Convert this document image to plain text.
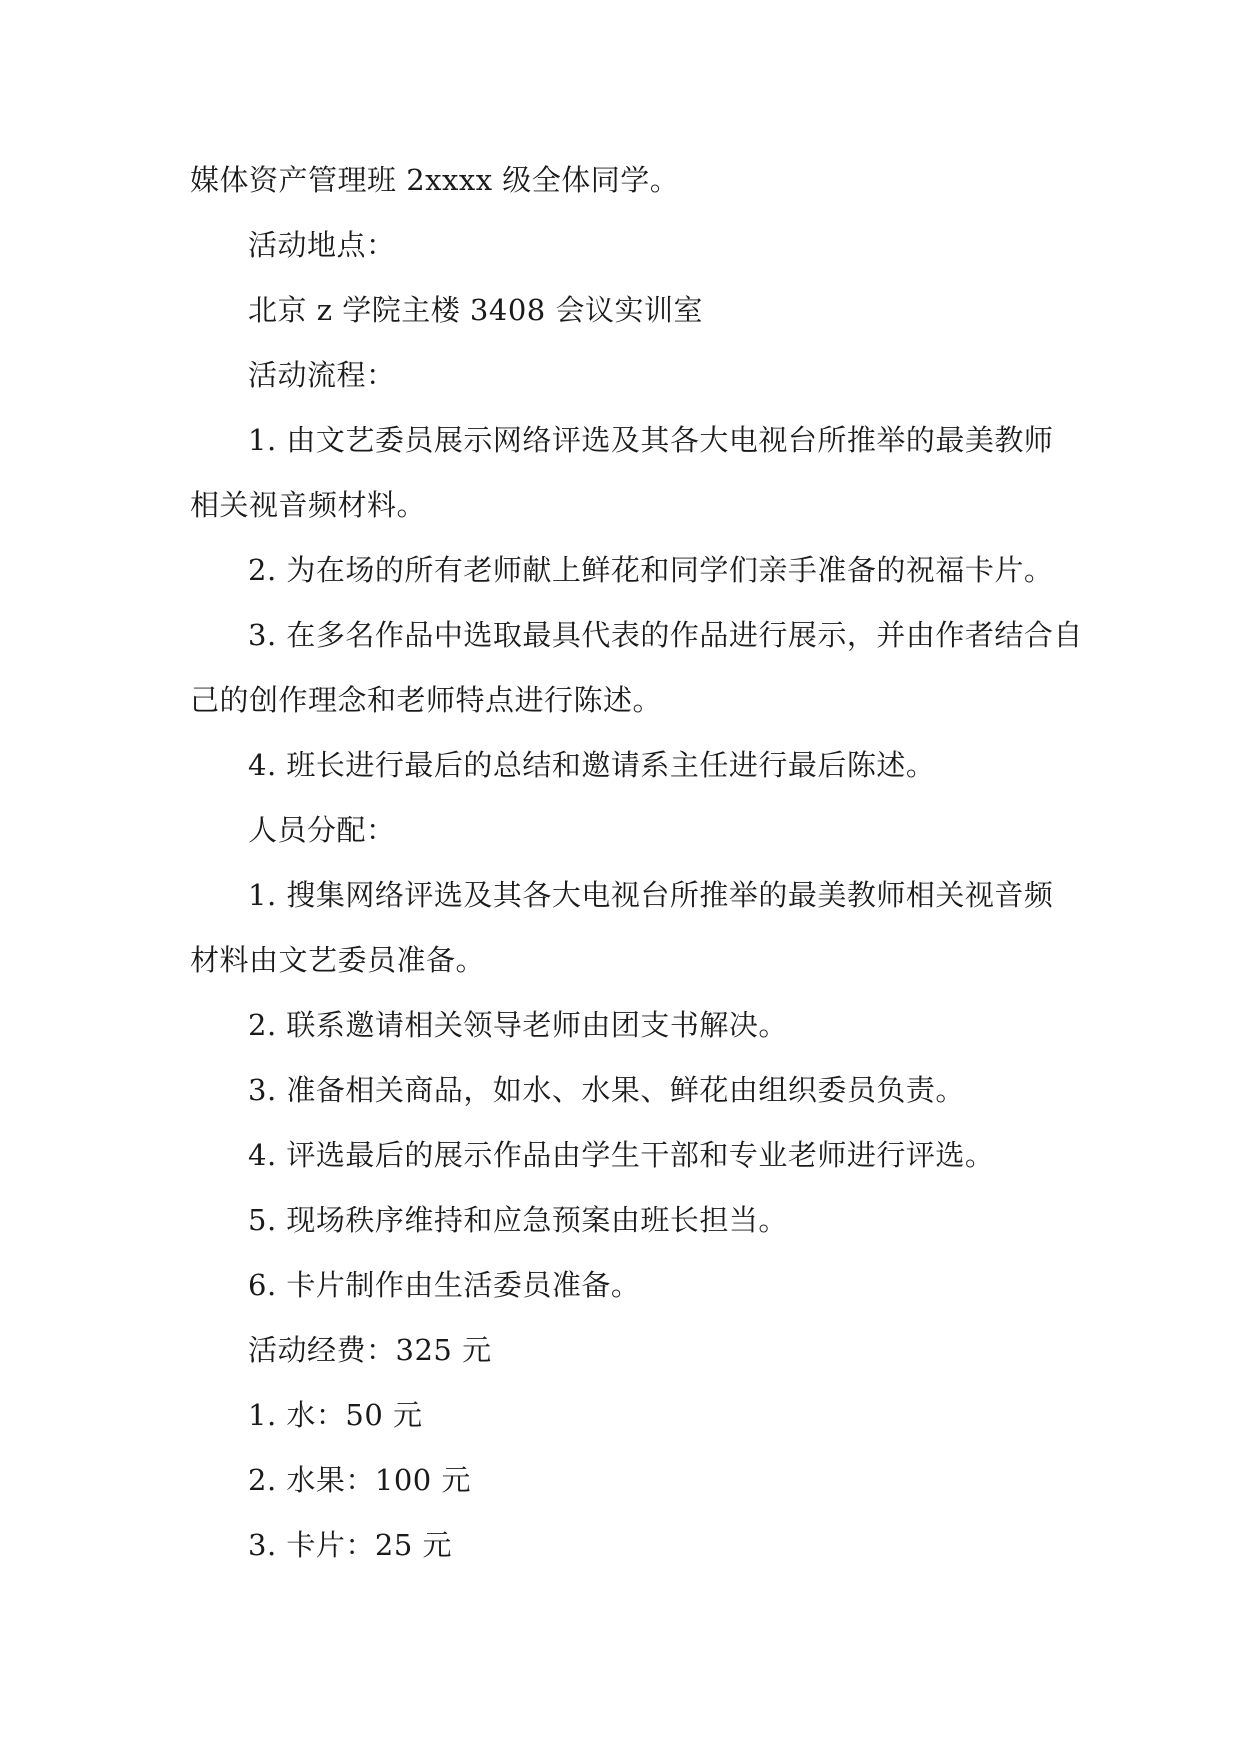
媒体资产管理班 2xxxx 级全体同学。
活动地点：
北京 z 学院主楼 3408 会议实训室
活动流程：
1. 由文艺委员展示网络评选及其各大电视台所推举的最美教师
相关视音频材料。
2. 为在场的所有老师献上鲜花和同学们亲手准备的祝福卡片。
3. 在多名作品中选取最具代表的作品进行展示，并由作者结合自
己的创作理念和老师特点进行陈述。
4. 班长进行最后的总结和邀请系主任进行最后陈述。
人员分配：
1. 搜集网络评选及其各大电视台所推举的最美教师相关视音频
材料由文艺委员准备。
2. 联系邀请相关领导老师由团支书解决。
3. 准备相关商品，如水、水果、鲜花由组织委员负责。
4. 评选最后的展示作品由学生干部和专业老师进行评选。
5. 现场秩序维持和应急预案由班长担当。
6. 卡片制作由生活委员准备。
活动经费：325 元
1. 水：50 元
2. 水果：100 元
3. 卡片：25 元
